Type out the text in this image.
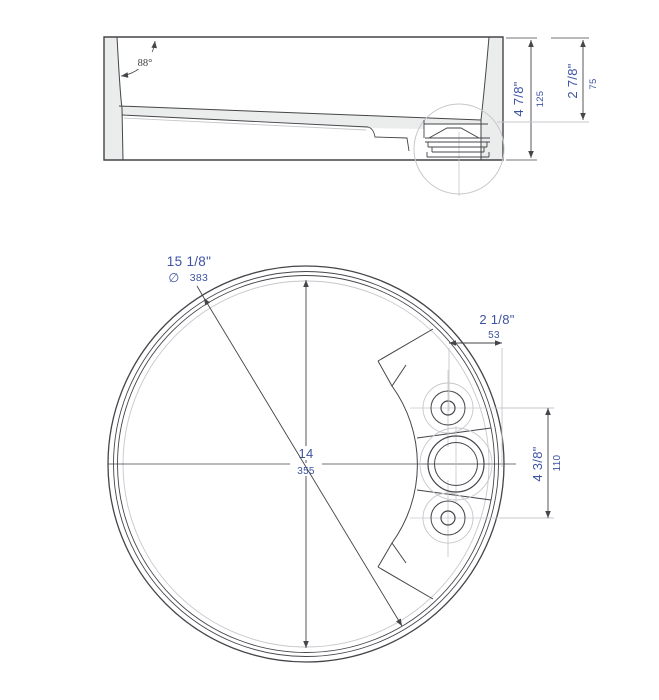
88°
4 7/8" 125
2 7/8" 75
14
355
15 1/8"
∅ 383
2 1/8"
53
4 3/8" 110
